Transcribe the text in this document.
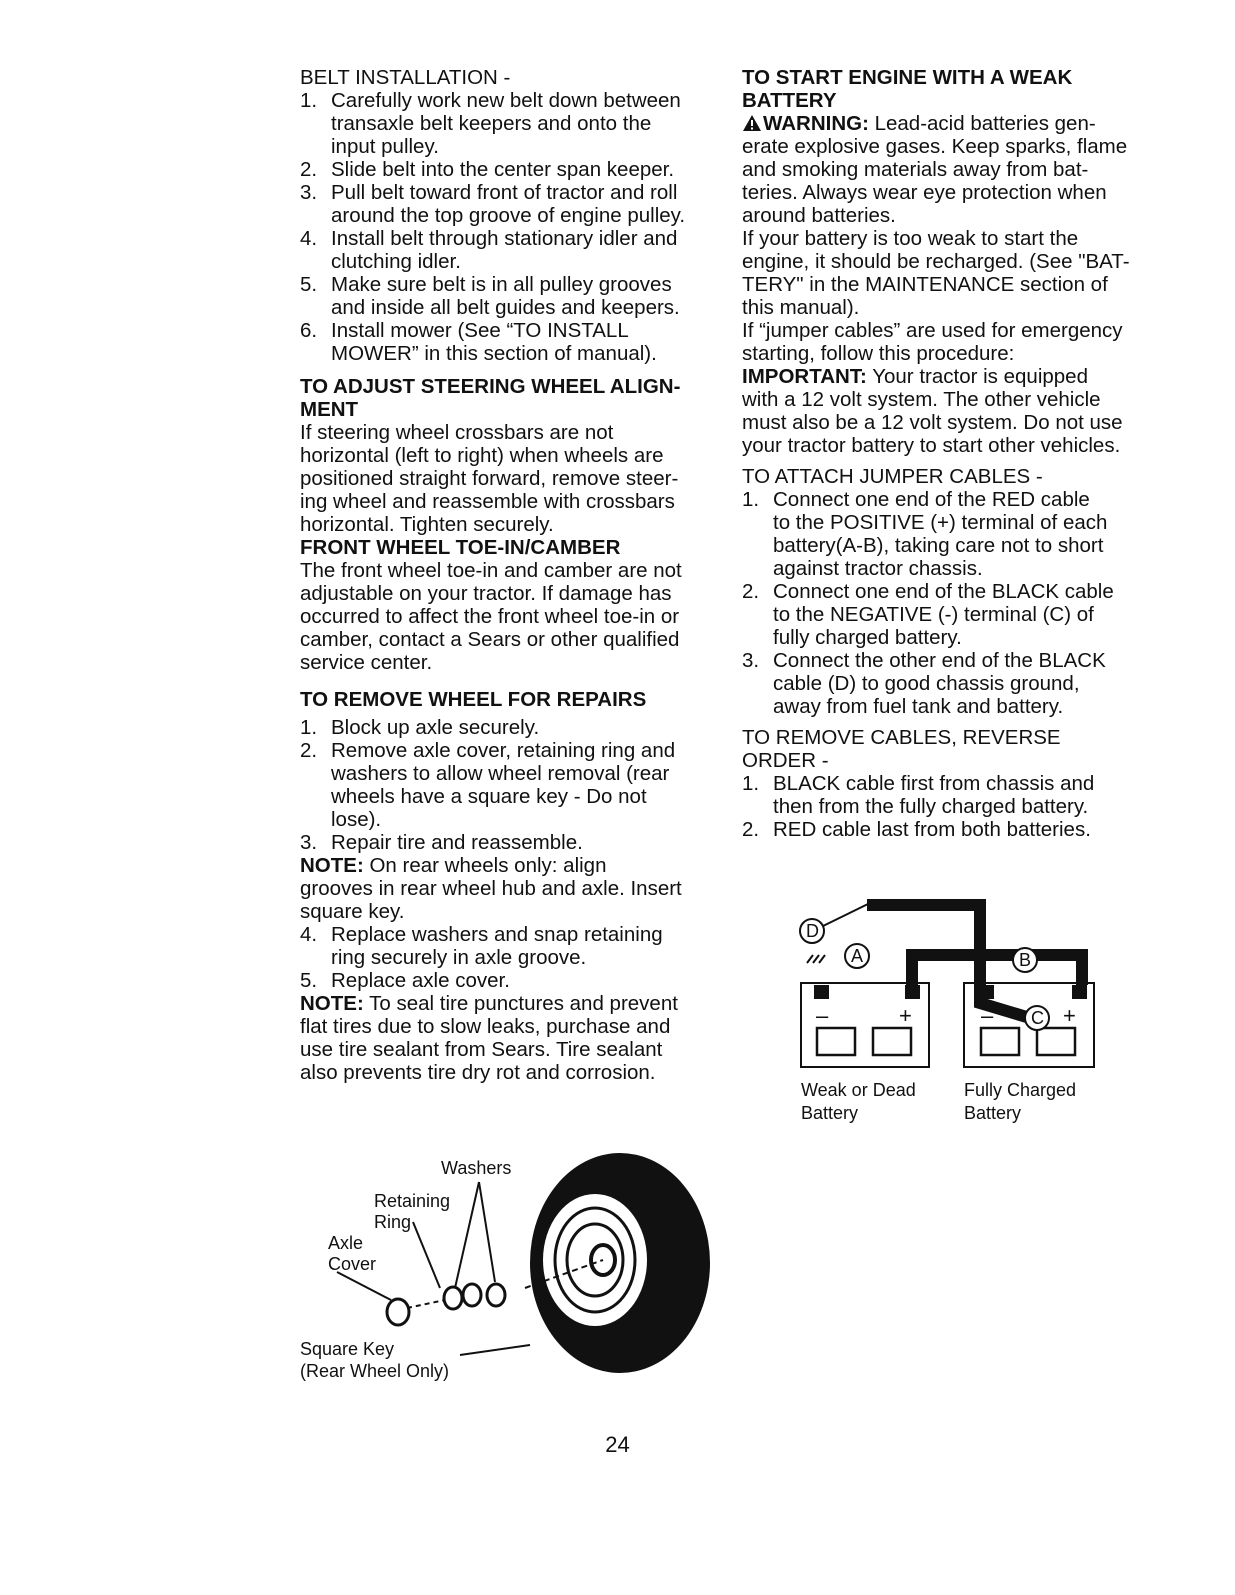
BELT INSTALLATION -

1. Carefully work new belt down between
transaxle belt keepers and onto the
input pulley.
2. Slide belt into the center span keeper.
3. Pull belt toward front of tractor and roll
around the top groove of engine pulley.
4. Install belt through stationary idler and
clutching idler.
5. Make sure belt is in all pulley grooves
and inside all belt guides and keepers.
6. Install mower (See “TO INSTALL
MOWER” in this section of manual).
TO ADJUST STEERING WHEEL ALIGN-
MENT
If steering wheel crossbars are not
horizontal (left to right) when wheels are
positioned straight forward, remove steer-
ing wheel and reassemble with crossbars
horizontal. Tighten securely.
FRONT WHEEL TOE-IN/CAMBER
The front wheel toe-in and camber are not
adjustable on your tractor. If damage has
occurred to affect the front wheel toe-in or
camber, contact a Sears or other qualified
service center.
TO REMOVE WHEEL FOR REPAIRS
1. Block up axle securely.
2. Remove axle cover, retaining ring and
washers to allow wheel removal (rear
wheels have a square key - Do not
lose).
3. Repair tire and reassemble.
NOTE: On rear wheels only: align
grooves in rear wheel hub and axle. Insert
square key.
4. Replace washers and snap retaining
ring securely in axle groove.
5. Replace axle cover.
NOTE: To seal tire punctures and prevent
flat tires due to slow leaks, purchase and
use tire sealant from Sears. Tire sealant
also prevents tire dry rot and corrosion.
TO START ENGINE WITH A WEAK
BATTERY
WARNING: Lead-acid batteries gen-
erate explosive gases. Keep sparks, flame
and smoking materials away from bat-
teries. Always wear eye protection when
around batteries.
If your battery is too weak to start the
engine, it should be recharged. (See "BAT-
TERY" in the MAINTENANCE section of
this manual).
If “jumper cables” are used for emergency
starting, follow this procedure:
IMPORTANT: Your tractor is equipped
with a 12 volt system. The other vehicle
must also be a 12 volt system. Do not use
your tractor battery to start other vehicles.

TO ATTACH JUMPER CABLES -

1. Connect one end of the RED cable
to the POSITIVE (+) terminal of each
battery(A-B), taking care not to short
against tractor chassis.
2. Connect one end of the BLACK cable
to the NEGATIVE (-) terminal (C) of
fully charged battery.
3. Connect the other end of the BLACK
cable (D) to good chassis ground,
away from fuel tank and battery.
TO REMOVE CABLES, REVERSE
ORDER -
1. BLACK cable first from chassis and
then from the fully charged battery.
2. RED cable last from both batteries.
D
A	B
C
–	+	–	+
Weak or Dead
Battery
Fully Charged
Battery
Washers
Retaining
Ring
Axle
Cover
Square Key
(Rear Wheel Only)
24
